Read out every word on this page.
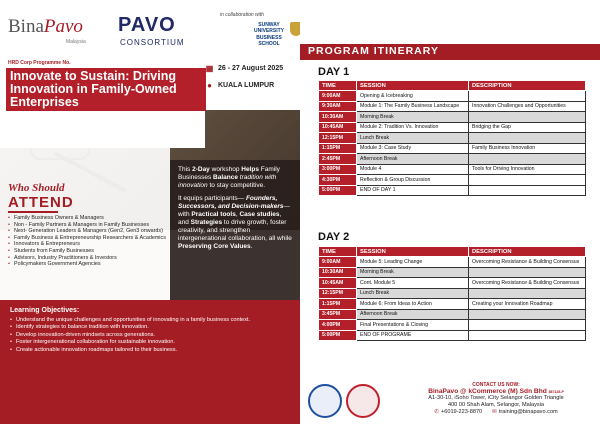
BinaPavo
Malaysia
PAVO
CONSORTIUM
in collaboration with
SUNWAY
UNIVERSITY
BUSINESS
SCHOOL
HRD Corp Programme No.
Innovate to Sustain: Driving Innovation in Family-Owned Enterprises
▦ 26 - 27 August 2025
● KUALA LUMPUR
Who Should
ATTEND
• Family Business Owners & Managers
• Non - Family Partners & Managers in Family Businesses
• Next- Generation Leaders & Managers (Gen2, Gen3 onwards)
• Family Business & Entrepreneurship Researchers & Academics
• Innovators & Entrepreneurs
• Students from Family Businesses
• Advisors, Industry Practitioners & Investors
• Policymakers Government Agencies

This 2-Day workshop Helps Family Businesses Balance tradition with innovation to stay competitive.

It equips participants— Founders, Successors, and Decision-makers— with Practical tools, Case studies, and Strategies to drive growth, foster creativity, and strengthen intergenerational collaboration, all while Preserving Core Values.

Learning Objectives:
• Understand the unique challenges and opportunities of innovating in a family business context.
• Identify strategies to balance tradition with innovation.
• Develop innovation-driven mindsets across generations.
• Foster intergenerational collaboration for sustainable innovation.
• Create actionable innovation roadmaps tailored to their business.
PROGRAM ITINERARY
DAY 1
TIME	SESSION	DESCRIPTION
9:00AM	Opening & Icebreaking	
9:30AM	Module 1: The Family Business Landscape	Innovation Challenges and Opportunities
10:30AM	Morning Break	
10:45AM	Module 2: Tradition Vs. Innovation	Bridging the Gap
12:15PM	Lunch Break	
1:15PM	Module 3: Case Study	Family Business Innovation
2:45PM	Afternoon Break	
3:00PM	Module 4	Tools for Driving Innovation
4:30PM	Reflection & Group Discussion	
5:00PM	END OF DAY 1	
DAY 2
TIME	SESSION	DESCRIPTION
9:00AM	Module 5: Leading Change	Overcoming Resistance & Building Consensus
10:30AM	Morning Break	
10:45AM	Cont. Module 5	Overcoming Resistance & Building Consensus
12:15PM	Lunch Break	
1:15PM	Module 6: From Ideas to Action	Creating your Innovation Roadmap
3:45PM	Afternoon Break	
4:00PM	Final Presentations & Closing	
5:00PM	END OF PROGRAME	
CONTACT US NOW:
BinaPavo @ kCommerce (M) Sdn Bhd 887128-P
A1-30-10, iSoho Tower, iCity Selangor Golden Triangle
400 00 Shah Alam, Selangor, Malaysia
✆ +6019-223-8870 ✉ training@binapavo.com
